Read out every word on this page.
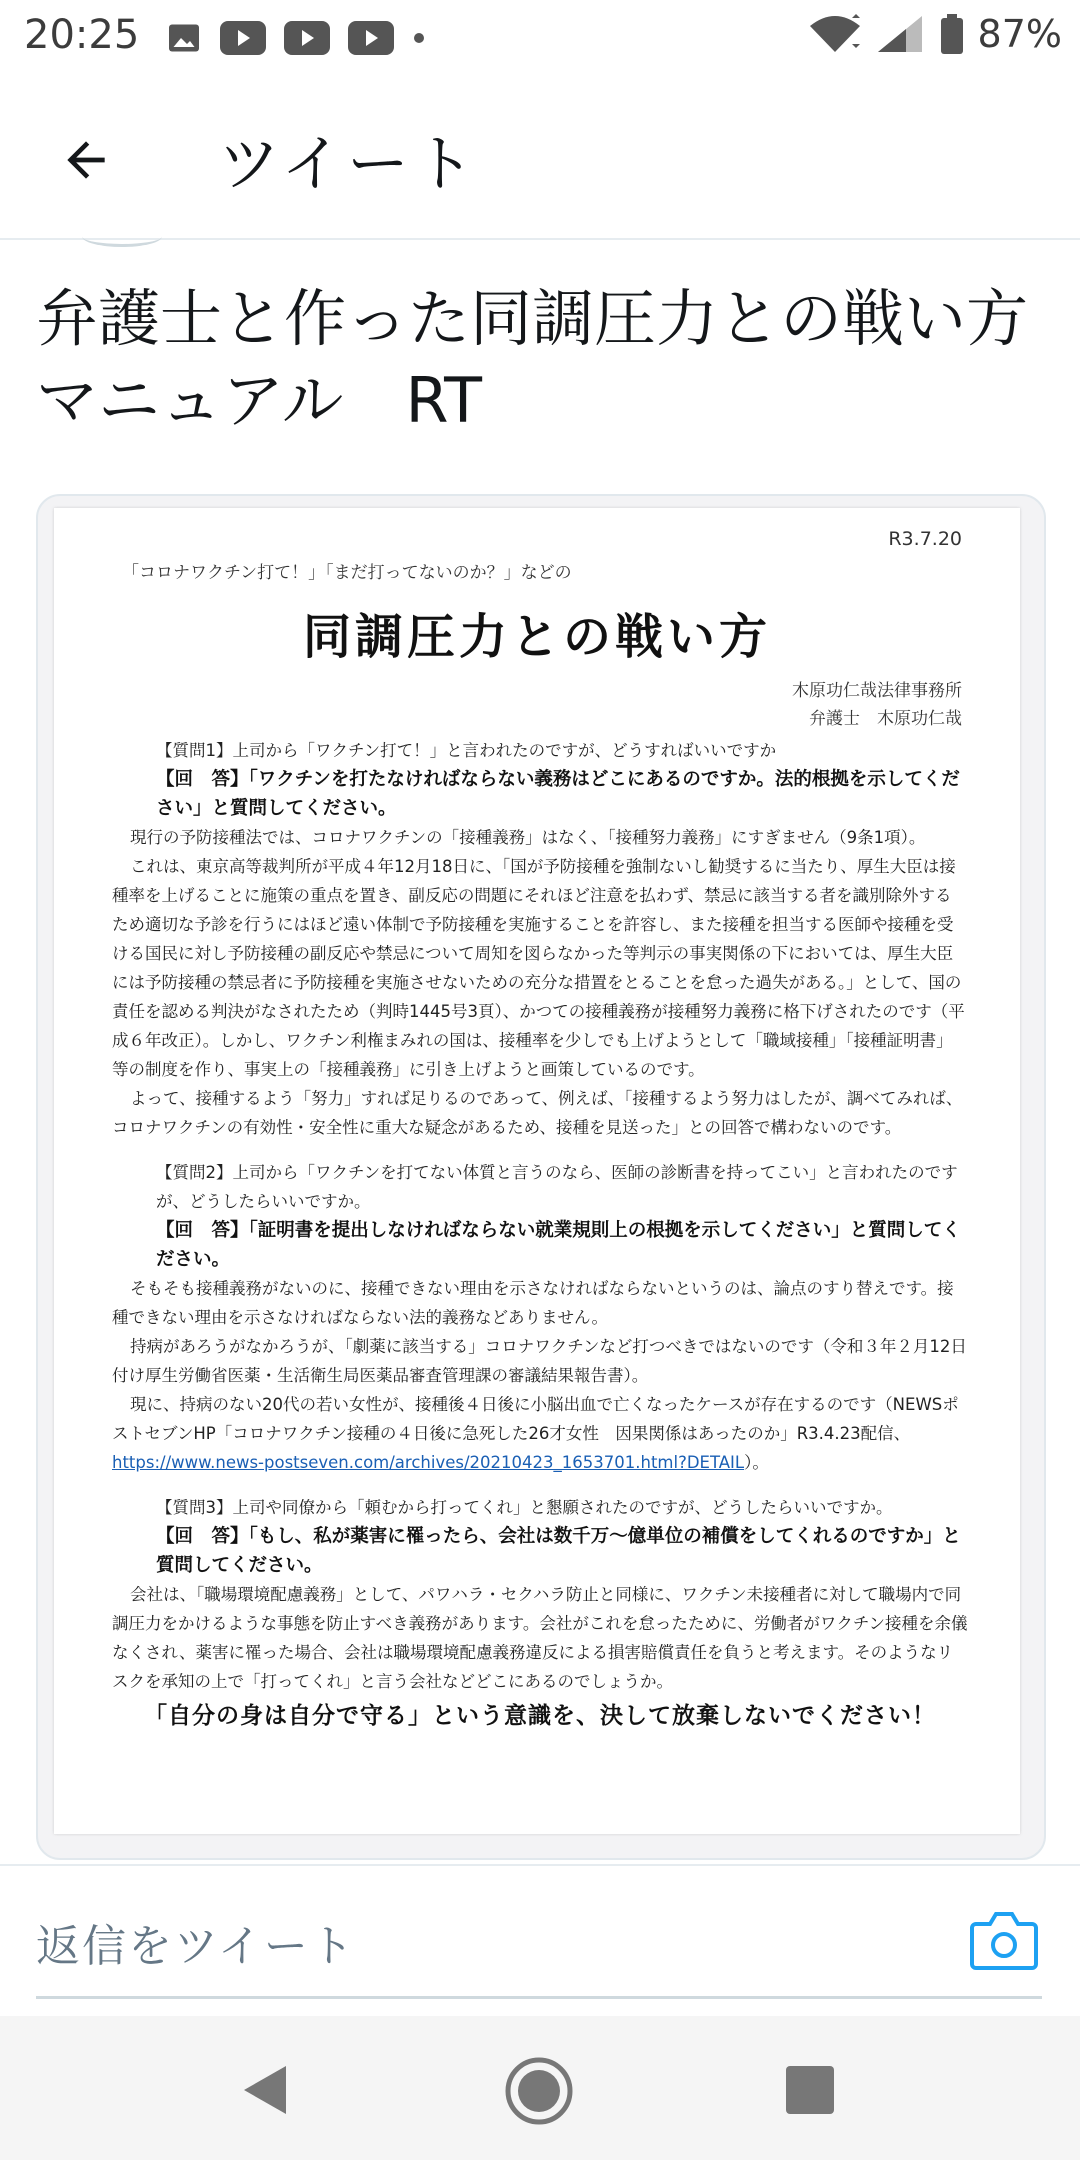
20:25	87%
ツイート
弁護士と作った同調圧力との戦い方マニュアル　RT
R3.7.20
「コロナワクチン打て！」「まだ打ってないのか？」などの
同調圧力との戦い方
木原功仁哉法律事務所
弁護士　木原功仁哉

【質問1】上司から「ワクチン打て！」と言われたのですが、どうすればいいですか

【回　答】「ワクチンを打たなければならない義務はどこにあるのですか。法的根拠を示してください」と質問してください。

現行の予防接種法では、コロナワクチンの「接種義務」はなく、「接種努力義務」にすぎません（9条1項）。

これは、東京高等裁判所が平成４年12月18日に、「国が予防接種を強制ないし勧奨するに当たり、厚生大臣は接種率を上げることに施策の重点を置き、副反応の問題にそれほど注意を払わず、禁忌に該当する者を識別除外するため適切な予診を行うにはほど遠い体制で予防接種を実施することを許容し、また接種を担当する医師や接種を受ける国民に対し予防接種の副反応や禁忌について周知を図らなかった等判示の事実関係の下においては、厚生大臣には予防接種の禁忌者に予防接種を実施させないための充分な措置をとることを怠った過失がある。」として、国の責任を認める判決がなされたため（判時1445号3頁）、かつての接種義務が接種努力義務に格下げされたのです（平成６年改正）。しかし、ワクチン利権まみれの国は、接種率を少しでも上げようとして「職域接種」「接種証明書」等の制度を作り、事実上の「接種義務」に引き上げようと画策しているのです。

よって、接種するよう「努力」すれば足りるのであって、例えば、「接種するよう努力はしたが、調べてみれば、コロナワクチンの有効性・安全性に重大な疑念があるため、接種を見送った」との回答で構わないのです。

【質問2】上司から「ワクチンを打てない体質と言うのなら、医師の診断書を持ってこい」と言われたのですが、どうしたらいいですか。

【回　答】「証明書を提出しなければならない就業規則上の根拠を示してください」と質問してください。

そもそも接種義務がないのに、接種できない理由を示さなければならないというのは、論点のすり替えです。接種できない理由を示さなければならない法的義務などありません。

持病があろうがなかろうが、「劇薬に該当する」コロナワクチンなど打つべきではないのです（令和３年２月12日付け厚生労働省医薬・生活衛生局医薬品審査管理課の審議結果報告書）。

現に、持病のない20代の若い女性が、接種後４日後に小脳出血で亡くなったケースが存在するのです（NEWSポストセブンHP「コロナワクチン接種の４日後に急死した26才女性　因果関係はあったのか」R3.4.23配信、https://www.news-postseven.com/archives/20210423_1653701.html?DETAIL）。

【質問3】上司や同僚から「頼むから打ってくれ」と懇願されたのですが、どうしたらいいですか。

【回　答】「もし、私が薬害に罹ったら、会社は数千万～億単位の補償をしてくれるのですか」と質問してください。

会社は、「職場環境配慮義務」として、パワハラ・セクハラ防止と同様に、ワクチン未接種者に対して職場内で同調圧力をかけるような事態を防止すべき義務があります。会社がこれを怠ったために、労働者がワクチン接種を余儀なくされ、薬害に罹った場合、会社は職場環境配慮義務違反による損害賠償責任を負うと考えます。そのようなリスクを承知の上で「打ってくれ」と言う会社などどこにあるのでしょうか。

「自分の身は自分で守る」という意識を、決して放棄しないでください！

返信をツイート
